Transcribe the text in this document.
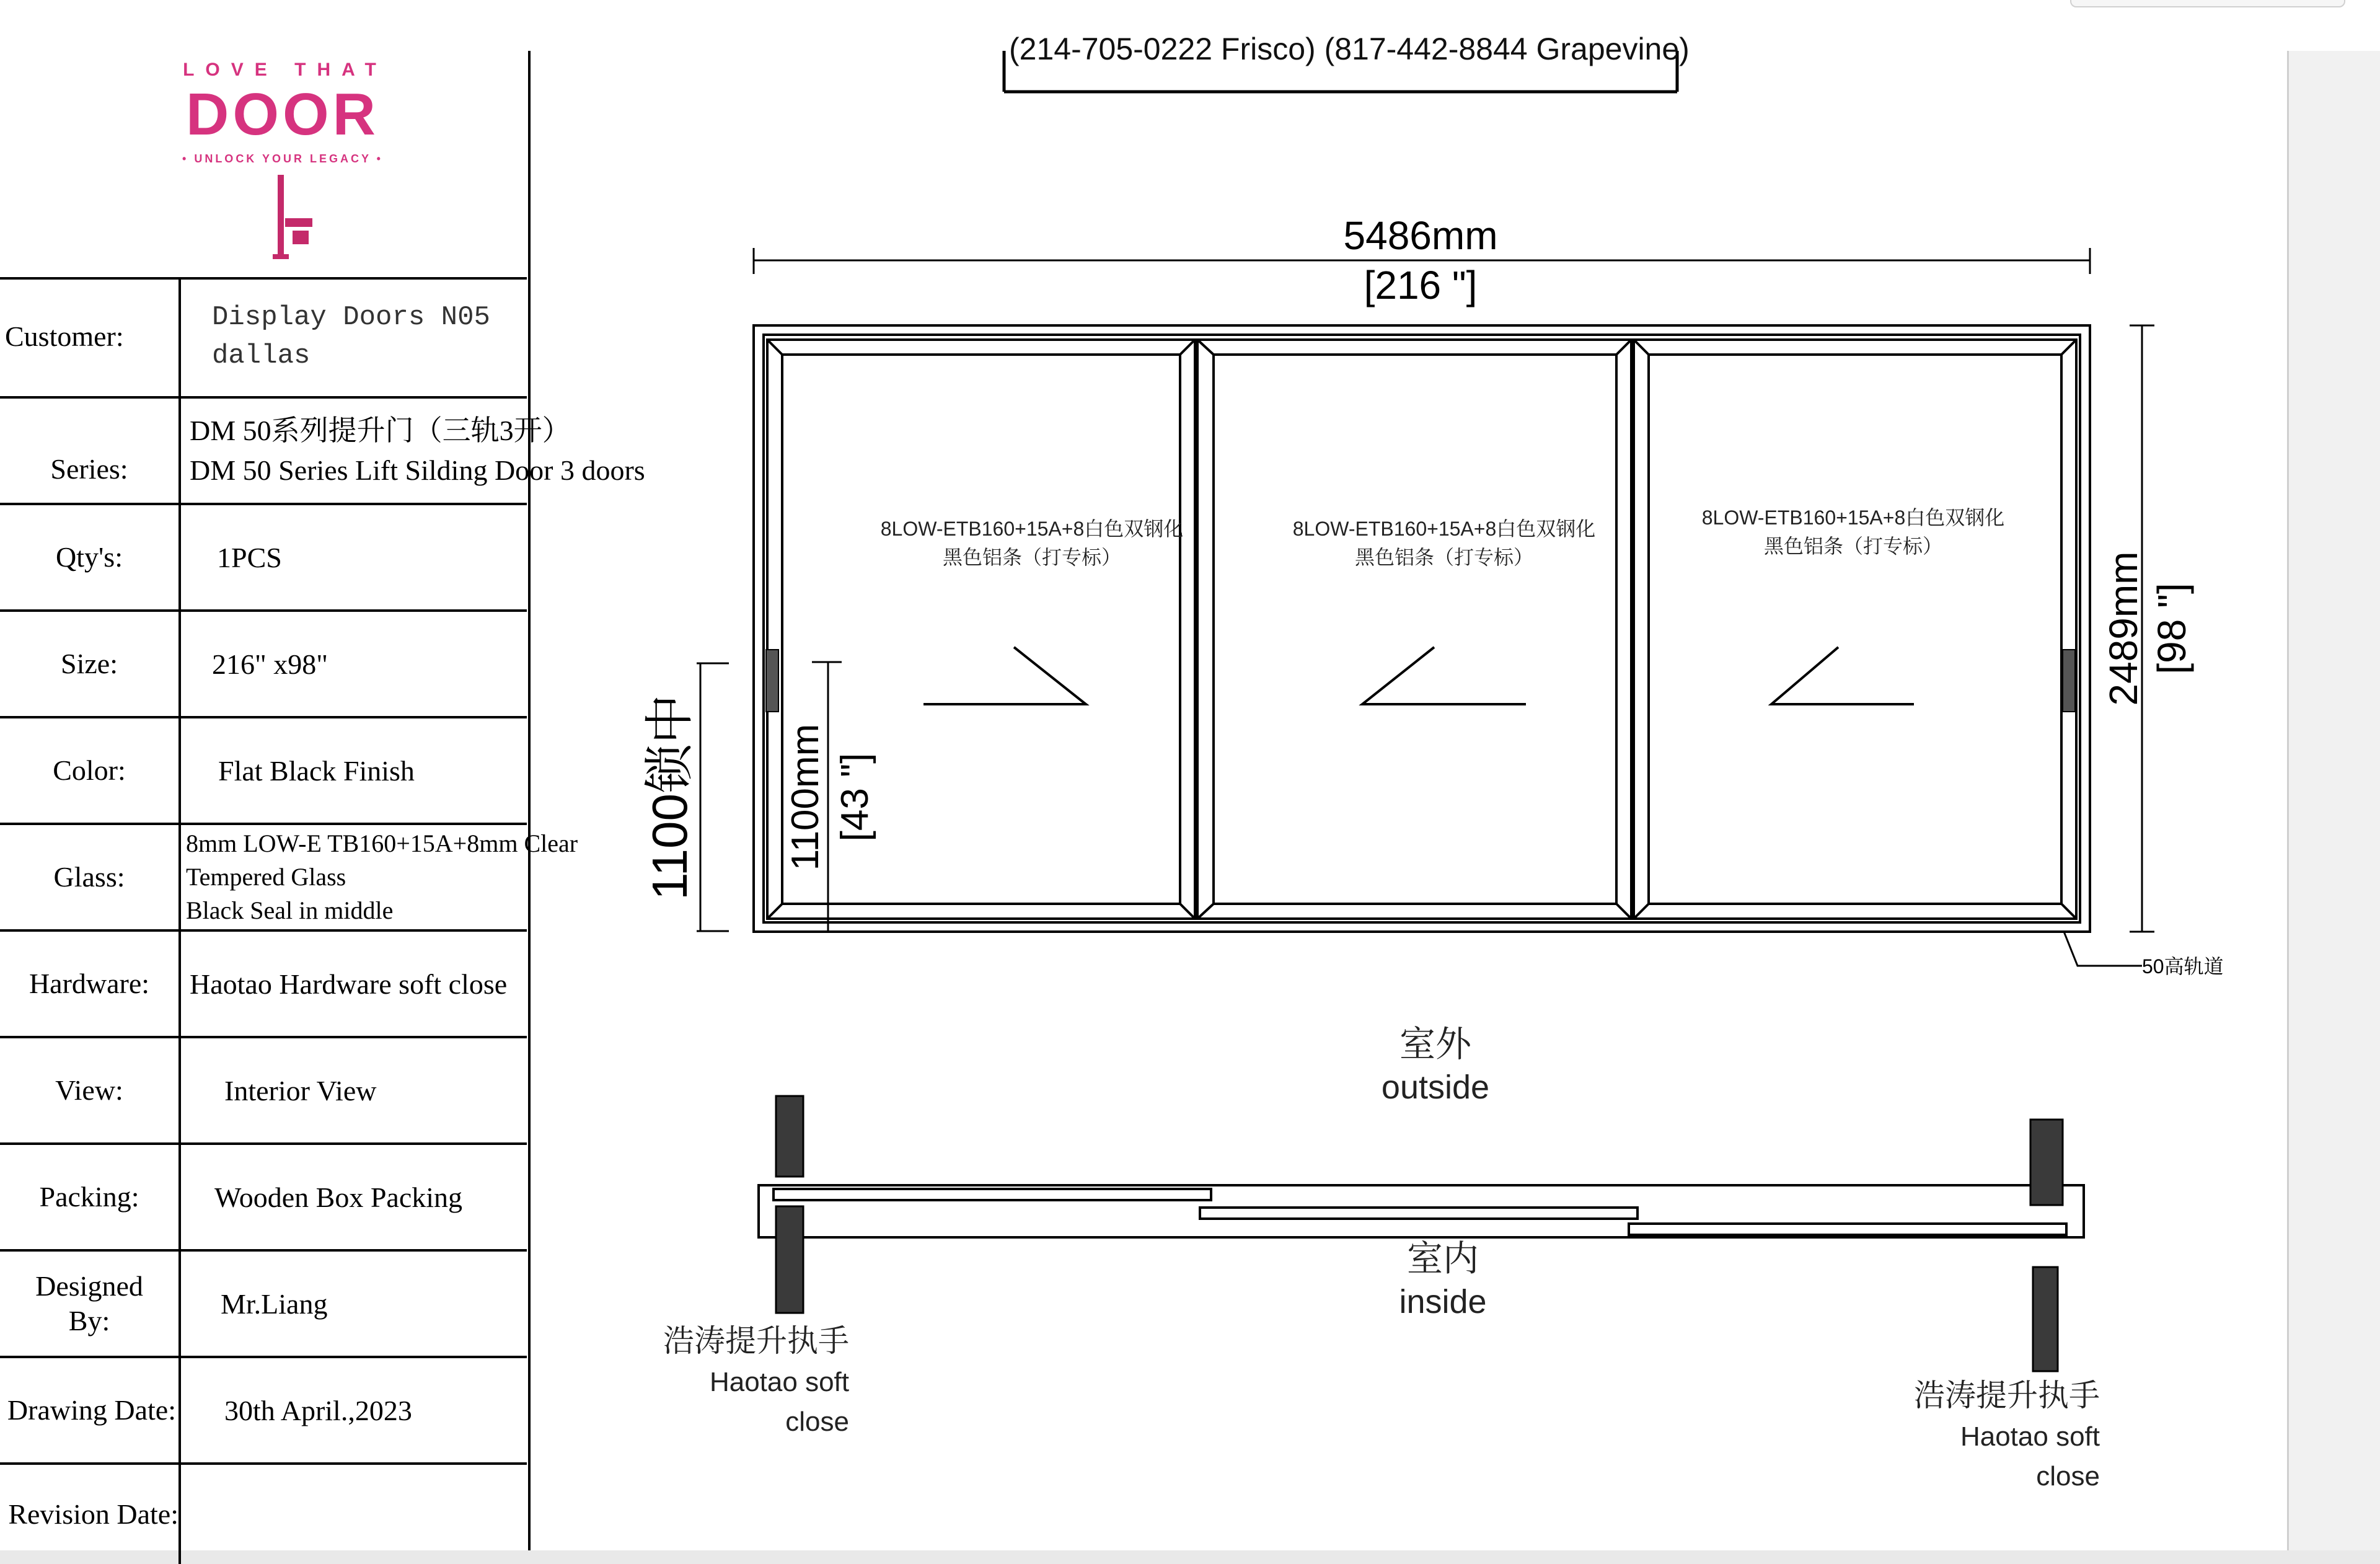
LOVE THAT
DOOR
• UNLOCK YOUR LEGACY •
Customer:
Display Doors N05
dallas
Series:
DM 50系列提升门（三轨3开）
DM 50 Series Lift Silding Door 3 doors
Qty's:	1PCS
Size:	216" x98"
Color:	Flat Black Finish
Glass:
8mm LOW-E TB160+15A+8mm Clear
Tempered Glass
Black Seal in middle
Hardware:	Haotao Hardware soft close
View:	Interior View
Packing:	Wooden Box Packing
Designed
By:
Mr.Liang
Drawing Date:	30th April.,2023
Revision Date:
(214-705-0222 Frisco) (817-442-8844 Grapevine)
5486mm
[216 "]
8LOW-ETB160+15A+8白色双钢化
黑色铝条（打专标）
8LOW-ETB160+15A+8白色双钢化
黑色铝条（打专标）
8LOW-ETB160+15A+8白色双钢化
黑色铝条（打专标）
1100锁中 1100mm [43 "]
2489mm [98 "]
50高轨道
室外
outside
室内
inside
浩涛提升执手
Haotao soft
close
浩涛提升执手
Haotao soft
close
